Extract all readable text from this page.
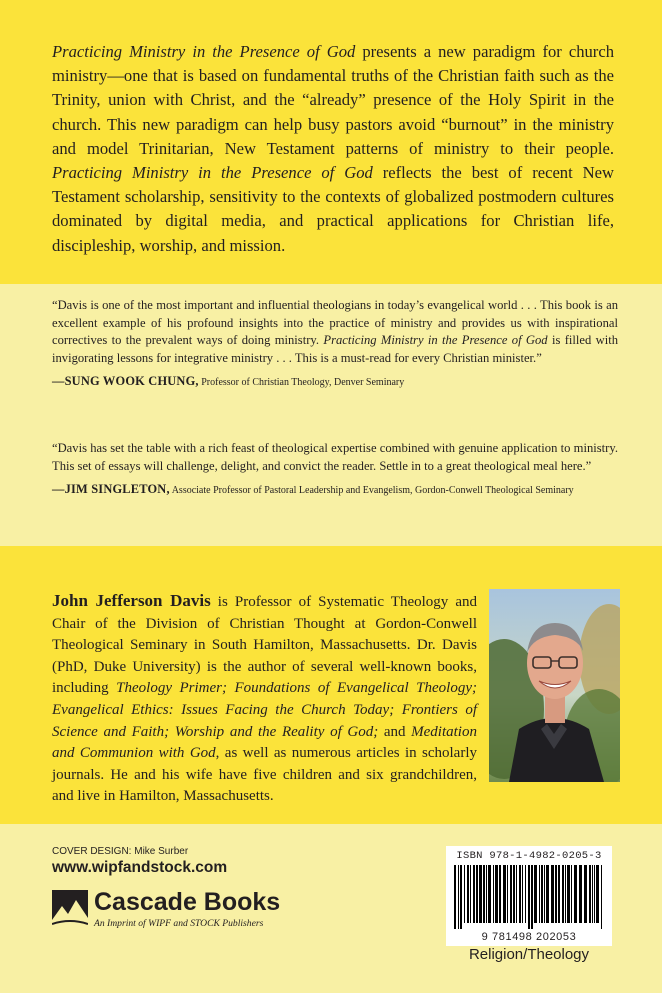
Practicing Ministry in the Presence of God presents a new paradigm for church ministry—one that is based on fundamental truths of the Christian faith such as the Trinity, union with Christ, and the “already” presence of the Holy Spirit in the church. This new paradigm can help busy pastors avoid “burnout” in the ministry and model Trinitarian, New Testament patterns of ministry to their people. Practicing Ministry in the Presence of God reflects the best of recent New Testament scholarship, sensitivity to the contexts of globalized postmodern cultures dominated by digital media, and practical applications for Christian life, discipleship, worship, and mission.

“Davis is one of the most important and influential theologians in today’s evangelical world . . . This book is an excellent example of his profound insights into the practice of ministry and provides us with inspirational correctives to the prevalent ways of doing ministry. Practicing Ministry in the Presence of God is filled with invigorating lessons for integrative ministry . . . This is a must-read for every Christian minister.”

—SUNG WOOK CHUNG, Professor of Christian Theology, Denver Seminary

“Davis has set the table with a rich feast of theological expertise combined with genuine application to ministry. This set of essays will challenge, delight, and convict the reader. Settle in to a great theological meal here.”

—JIM SINGLETON, Associate Professor of Pastoral Leadership and Evangelism, Gordon-Conwell Theological Seminary

John Jefferson Davis is Professor of Systematic Theology and Chair of the Division of Christian Thought at Gordon-Conwell Theological Seminary in South Hamilton, Massachusetts. Dr. Davis (PhD, Duke University) is the author of several well-known books, including Theology Primer; Foundations of Evangelical Theology; Evangelical Ethics: Issues Facing the Church Today; Frontiers of Science and Faith; Worship and the Reality of God; and Meditation and Communion with God, as well as numerous articles in scholarly journals. He and his wife have five children and six grandchildren, and live in Hamilton, Massachusetts.

COVER DESIGN: Mike Surber
www.wipfandstock.com
Cascade Books
An Imprint of WIPF and STOCK Publishers
ISBN 978-1-4982-0205-3
9 781498 202053
Religion/Theology
